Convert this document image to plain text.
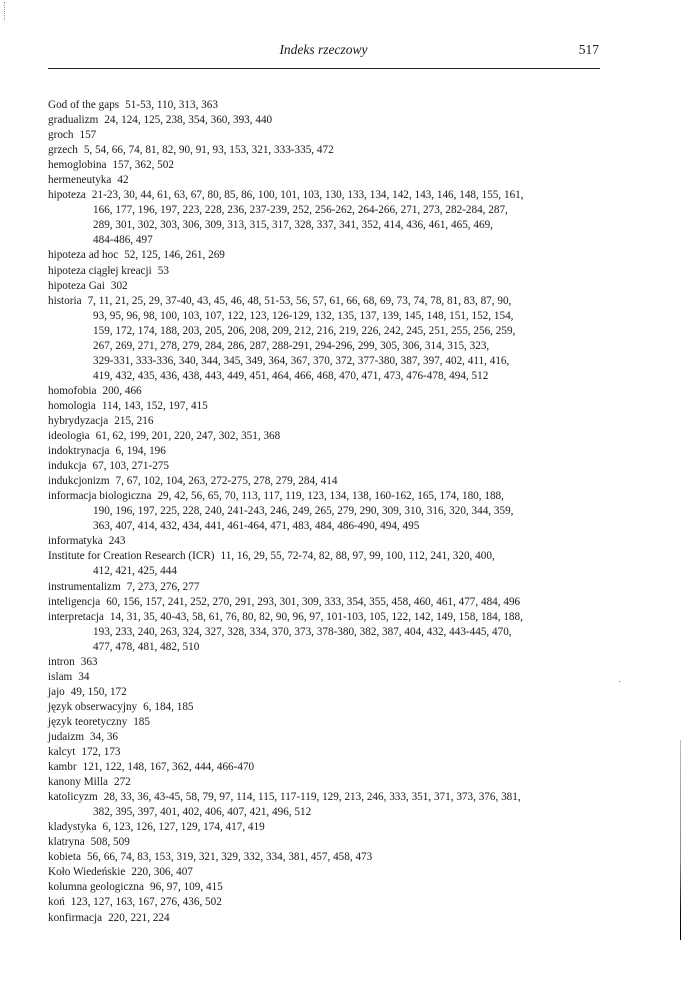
Indeks rzeczowy	517
God of the gaps 51-53, 110, 313, 363
gradualizm 24, 124, 125, 238, 354, 360, 393, 440
groch 157
grzech 5, 54, 66, 74, 81, 82, 90, 91, 93, 153, 321, 333-335, 472
hemoglobina 157, 362, 502
hermeneutyka 42
hipoteza 21-23, 30, 44, 61, 63, 67, 80, 85, 86, 100, 101, 103, 130, 133, 134, 142, 143, 146, 148, 155, 161,
166, 177, 196, 197, 223, 228, 236, 237-239, 252, 256-262, 264-266, 271, 273, 282-284, 287,
289, 301, 302, 303, 306, 309, 313, 315, 317, 328, 337, 341, 352, 414, 436, 461, 465, 469,
484-486, 497
hipoteza ad hoc 52, 125, 146, 261, 269
hipoteza ciągłej kreacji 53
hipoteza Gai 302
historia 7, 11, 21, 25, 29, 37-40, 43, 45, 46, 48, 51-53, 56, 57, 61, 66, 68, 69, 73, 74, 78, 81, 83, 87, 90,
93, 95, 96, 98, 100, 103, 107, 122, 123, 126-129, 132, 135, 137, 139, 145, 148, 151, 152, 154,
159, 172, 174, 188, 203, 205, 206, 208, 209, 212, 216, 219, 226, 242, 245, 251, 255, 256, 259,
267, 269, 271, 278, 279, 284, 286, 287, 288-291, 294-296, 299, 305, 306, 314, 315, 323,
329-331, 333-336, 340, 344, 345, 349, 364, 367, 370, 372, 377-380, 387, 397, 402, 411, 416,
419, 432, 435, 436, 438, 443, 449, 451, 464, 466, 468, 470, 471, 473, 476-478, 494, 512
homofobia 200, 466
homologia 114, 143, 152, 197, 415
hybrydyzacja 215, 216
ideologia 61, 62, 199, 201, 220, 247, 302, 351, 368
indoktrynacja 6, 194, 196
indukcja 67, 103, 271-275
indukcjonizm 7, 67, 102, 104, 263, 272-275, 278, 279, 284, 414
informacja biologiczna 29, 42, 56, 65, 70, 113, 117, 119, 123, 134, 138, 160-162, 165, 174, 180, 188,
190, 196, 197, 225, 228, 240, 241-243, 246, 249, 265, 279, 290, 309, 310, 316, 320, 344, 359,
363, 407, 414, 432, 434, 441, 461-464, 471, 483, 484, 486-490, 494, 495
informatyka 243
Institute for Creation Research (ICR) 11, 16, 29, 55, 72-74, 82, 88, 97, 99, 100, 112, 241, 320, 400,
412, 421, 425, 444
instrumentalizm 7, 273, 276, 277
inteligencja 60, 156, 157, 241, 252, 270, 291, 293, 301, 309, 333, 354, 355, 458, 460, 461, 477, 484, 496
interpretacja 14, 31, 35, 40-43, 58, 61, 76, 80, 82, 90, 96, 97, 101-103, 105, 122, 142, 149, 158, 184, 188,
193, 233, 240, 263, 324, 327, 328, 334, 370, 373, 378-380, 382, 387, 404, 432, 443-445, 470,
477, 478, 481, 482, 510
intron 363
islam 34
jajo 49, 150, 172
język obserwacyjny 6, 184, 185
język teoretyczny 185
judaizm 34, 36
kalcyt 172, 173
kambr 121, 122, 148, 167, 362, 444, 466-470
kanony Milla 272
katolicyzm 28, 33, 36, 43-45, 58, 79, 97, 114, 115, 117-119, 129, 213, 246, 333, 351, 371, 373, 376, 381,
382, 395, 397, 401, 402, 406, 407, 421, 496, 512
kladystyka 6, 123, 126, 127, 129, 174, 417, 419
klatryna 508, 509
kobieta 56, 66, 74, 83, 153, 319, 321, 329, 332, 334, 381, 457, 458, 473
Koło Wiedeńskie 220, 306, 407
kolumna geologiczna 96, 97, 109, 415
koń 123, 127, 163, 167, 276, 436, 502
konfirmacja 220, 221, 224
